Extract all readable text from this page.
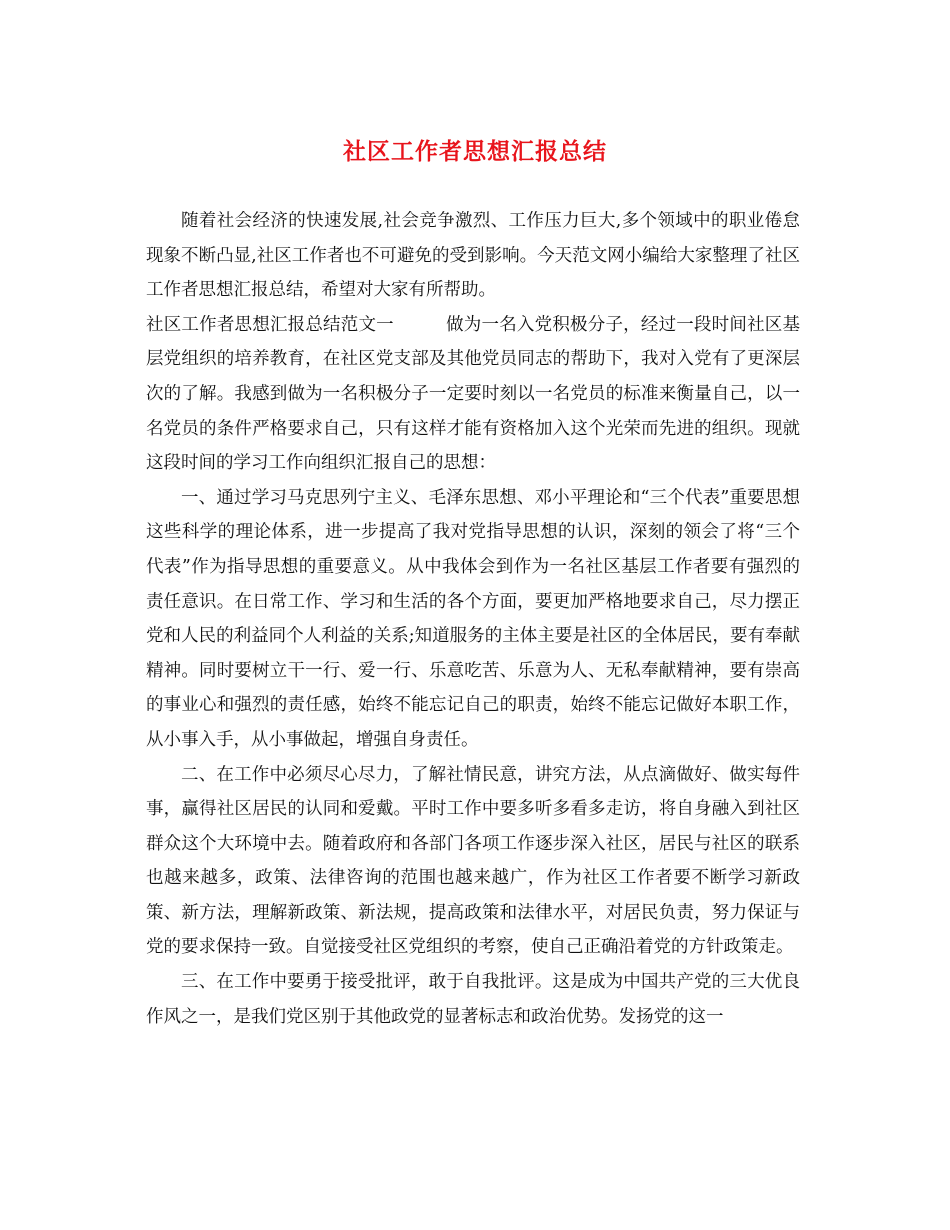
社区工作者思想汇报总结

随着社会经济的快速发展,社会竞争激烈、工作压力巨大,多个领域中的职业倦怠现象不断凸显,社区工作者也不可避免的受到影响。今天范文网小编给大家整理了社区工作者思想汇报总结，希望对大家有所帮助。

社区工作者思想汇报总结范文一	做为一名入党积极分子，经过一段时间社区基层党组织的培养教育，在社区党支部及其他党员同志的帮助下，我对入党有了更深层次的了解。我感到做为一名积极分子一定要时刻以一名党员的标准来衡量自己，以一名党员的条件严格要求自己，只有这样才能有资格加入这个光荣而先进的组织。现就这段时间的学习工作向组织汇报自己的思想：

一、通过学习马克思列宁主义、毛泽东思想、邓小平理论和“三个代表”重要思想这些科学的理论体系，进一步提高了我对党指导思想的认识，深刻的领会了将“三个代表”作为指导思想的重要意义。从中我体会到作为一名社区基层工作者要有强烈的责任意识。在日常工作、学习和生活的各个方面，要更加严格地要求自己，尽力摆正党和人民的利益同个人利益的关系;知道服务的主体主要是社区的全体居民，要有奉献精神。同时要树立干一行、爱一行、乐意吃苦、乐意为人、无私奉献精神，要有崇高的事业心和强烈的责任感，始终不能忘记自己的职责，始终不能忘记做好本职工作，从小事入手，从小事做起，增强自身责任。

二、在工作中必须尽心尽力，了解社情民意，讲究方法，从点滴做好、做实每件事，赢得社区居民的认同和爱戴。平时工作中要多听多看多走访，将自身融入到社区群众这个大环境中去。随着政府和各部门各项工作逐步深入社区，居民与社区的联系也越来越多，政策、法律咨询的范围也越来越广，作为社区工作者要不断学习新政策、新方法，理解新政策、新法规，提高政策和法律水平，对居民负责，努力保证与党的要求保持一致。自觉接受社区党组织的考察，使自己正确沿着党的方针政策走。

三、在工作中要勇于接受批评，敢于自我批评。这是成为中国共产党的三大优良作风之一，是我们党区别于其他政党的显著标志和政治优势。发扬党的这一
